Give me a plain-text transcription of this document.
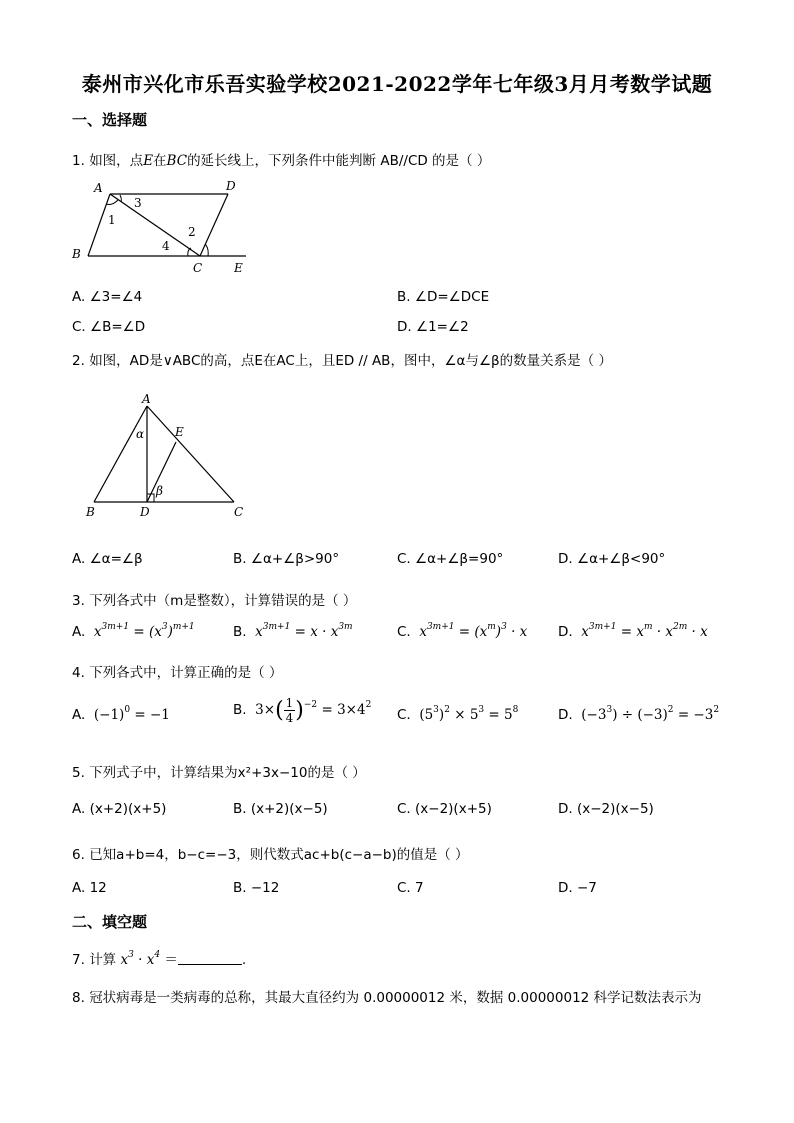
泰州市兴化市乐吾实验学校2021-2022学年七年级3月月考数学试题
一、选择题
1. 如图，点E在BC的延长线上，下列条件中能判断 AB//CD 的是（ ）
A
B
C
D
E
1
2
3
4
A. ∠3=∠4	B. ∠D=∠DCE
C. ∠B=∠D	D. ∠1=∠2
2. 如图，AD是∨ABC的高，点E在AC上，且ED // AB，图中，∠α与∠β的数量关系是（ ）
A
B	C
D
E
α
β
A. ∠α=∠β	B. ∠α+∠β>90°	C. ∠α+∠β=90°	D. ∠α+∠β<90°
3. 下列各式中（m是整数），计算错误的是（ ）
A. $x^{3m+1} = (x^3)^{m+1}$	B. $x^{3m+1} = x \cdot x^{3m}$	C. $x^{3m+1} = (x^m)^3 \cdot x$ D. $x^{3m+1} = x^m \cdot x^{2m} \cdot x$
4. 下列各式中，计算正确的是（ ）
A. $(-1)^0 = -1$	B. $3\times( \frac{1}{4} )^{-2} = 3\times 4^2$
C. $(5^3)^2 \times 5^3 = 5^8$	D. $(-3^3) \div (-3)^2 = -3^2$
5. 下列式子中，计算结果为x²+3x−10的是（ ）
A. (x+2)(x+5)	B. (x+2)(x−5)	C. (x−2)(x+5)	D. (x−2)(x−5)
6. 已知a+b=4，b−c=−3，则代数式ac+b(c−a−b)的值是（ ）
A. 12	B. −12	C. 7	D. −7
二、填空题
7. 计算 $x^3 \cdot x^4$ ＝	.
8. 冠状病毒是一类病毒的总称，其最大直径约为 0.00000012 米，数据 0.00000012 科学记数法表示为
